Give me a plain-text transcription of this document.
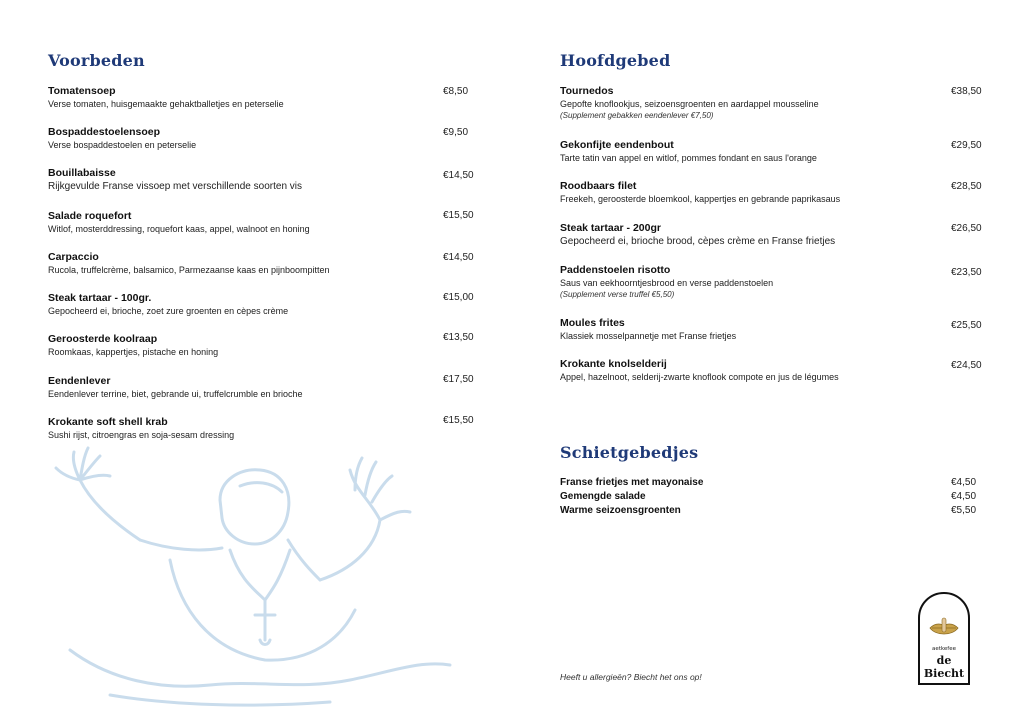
Voorbeden
Tomatensoep
Verse tomaten, huisgemaakte gehaktballetjes en peterselie
€8,50
Bospaddestoelensoep
Verse bospaddestoelen en peterselie
€9,50
Bouillabaisse
Rijkgevulde Franse vissoep met verschillende soorten vis
€14,50
Salade roquefort
Witlof, mosterddressing, roquefort kaas, appel, walnoot en honing
€15,50
Carpaccio
Rucola, truffelcrème, balsamico, Parmezaanse kaas en pijnboompitten
€14,50
Steak tartaar - 100gr.
Gepocheerd ei, brioche, zoet zure groenten en cèpes crème
€15,00
Geroosterde koolraap
Roomkaas, kappertjes, pistache en honing
€13,50
Eendenlever
Eendenlever terrine, biet, gebrande ui, truffelcrumble en brioche
€17,50
Krokante soft shell krab
Sushi rijst, citroengras en soja-sesam dressing
€15,50
Hoofdgebed
Tournedos
Gepofte knoflookjus, seizoensgroenten en aardappel mousseline
(Supplement gebakken eendenlever €7,50)
€38,50
Gekonfijte eendenbout
Tarte tatin van appel en witlof, pommes fondant en saus l'orange
€29,50
Roodbaars filet
Freekeh, geroosterde bloemkool, kappertjes en gebrande paprikasaus
€28,50
Steak tartaar - 200gr
Gepocheerd ei, brioche brood, cèpes crème en Franse frietjes
€26,50
Paddenstoelen risotto
Saus van eekhoorntjesbrood en verse paddenstoelen
(Supplement verse truffel €5,50)
€23,50
Moules frites
Klassiek mosselpannetje met Franse frietjes
€25,50
Krokante knolselderij
Appel, hazelnoot, selderij-zwarte knoflook compote en jus de légumes
€24,50
Schietgebedjes
Franse frietjes met mayonaise	€4,50
Gemengde salade	€4,50
Warme seizoensgroenten	€5,50
Heeft u allergieën? Biecht het ons op!
aetkefee
de Biecht
